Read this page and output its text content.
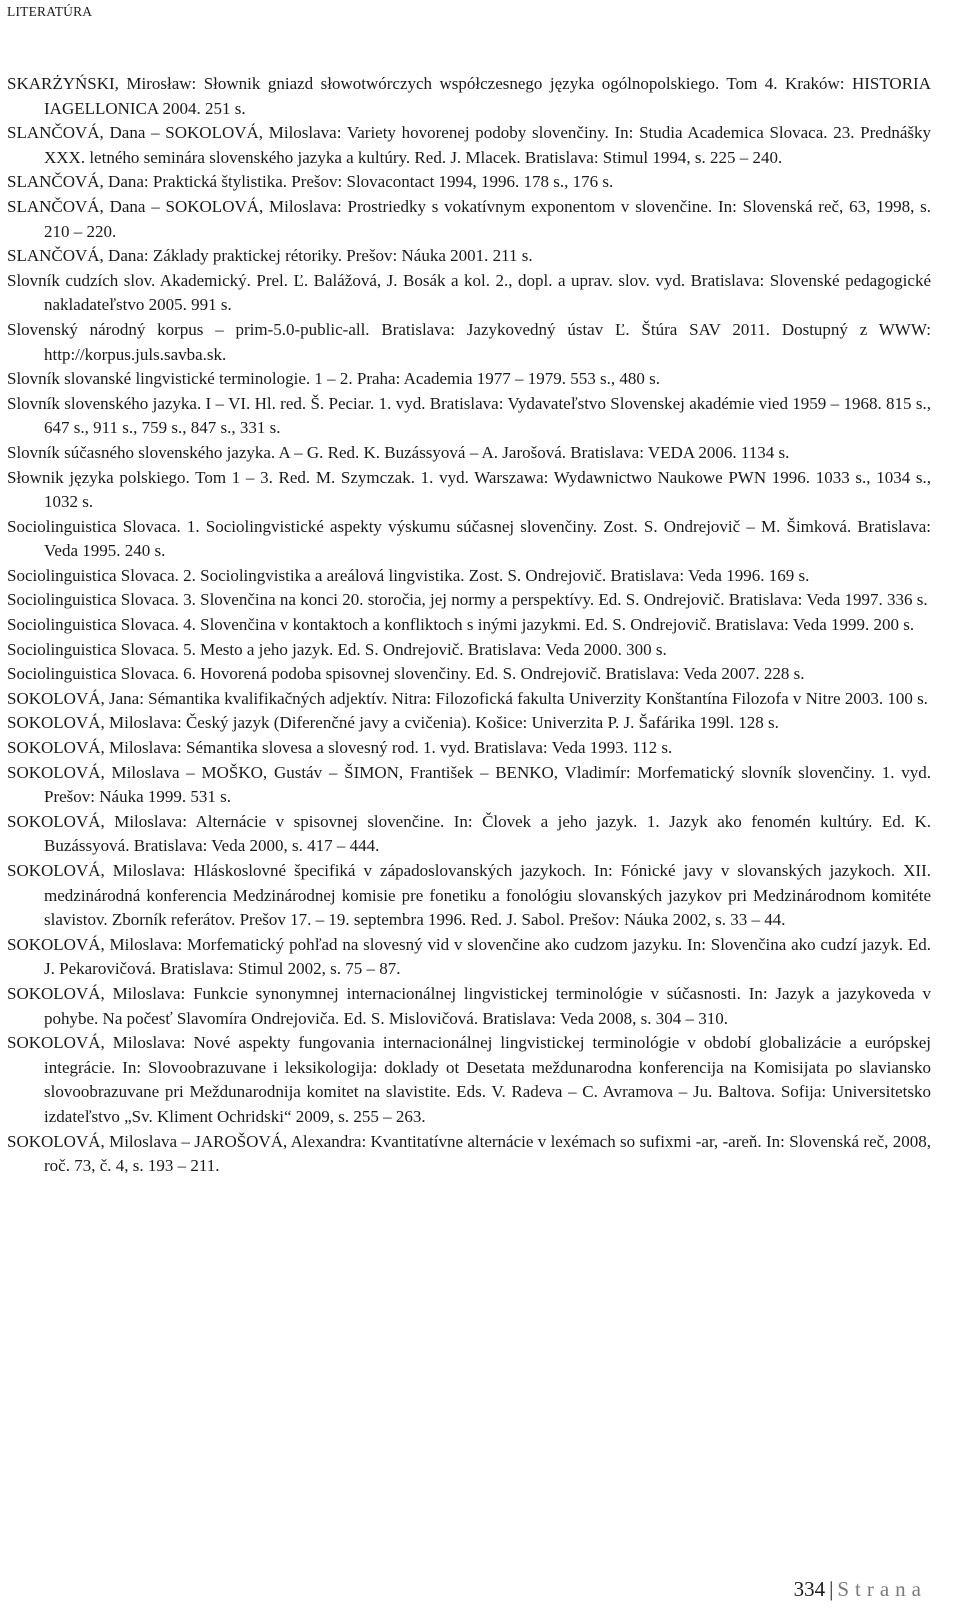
LITERATÚRA

SKARŻYŃSKI, Mirosław: Słownik gniazd słowotwórczych współczesnego języka ogólnopolskiego. Tom 4. Kraków: HISTORIA IAGELLONICA 2004. 251 s.

SLANČOVÁ, Dana – SOKOLOVÁ, Miloslava: Variety hovorenej podoby slovenčiny. In: Studia Academica Slovaca. 23. Prednášky XXX. letného seminára slovenského jazyka a kultúry. Red. J. Mlacek. Bratislava: Stimul 1994, s. 225 – 240.

SLANČOVÁ, Dana: Praktická štylistika. Prešov: Slovacontact 1994, 1996. 178 s., 176 s.

SLANČOVÁ, Dana – SOKOLOVÁ, Miloslava: Prostriedky s vokatívnym exponentom v slovenčine. In: Slovenská reč, 63, 1998, s. 210 – 220.

SLANČOVÁ, Dana: Základy praktickej rétoriky. Prešov: Náuka 2001. 211 s.

Slovník cudzích slov. Akademický. Prel. Ľ. Balážová, J. Bosák a kol. 2., dopl. a uprav. slov. vyd. Bratislava: Slovenské pedagogické nakladateľstvo 2005. 991 s.

Slovenský národný korpus – prim-5.0-public-all. Bratislava: Jazykovedný ústav Ľ. Štúra SAV 2011. Dostupný z WWW: http://korpus.juls.savba.sk.

Slovník slovanské lingvistické terminologie. 1 – 2. Praha: Academia 1977 – 1979. 553 s., 480 s.

Slovník slovenského jazyka. I – VI. Hl. red. Š. Peciar. 1. vyd. Bratislava: Vydavateľstvo Slovenskej akadémie vied 1959 – 1968. 815 s., 647 s., 911 s., 759 s., 847 s., 331 s.

Slovník súčasného slovenského jazyka. A – G. Red. K. Buzássyová – A. Jarošová. Bratislava: VEDA 2006. 1134 s.

Słownik języka polskiego. Tom 1 – 3. Red. M. Szymczak. 1. vyd. Warszawa: Wydawnictwo Naukowe PWN 1996. 1033 s., 1034 s., 1032 s.

Sociolinguistica Slovaca. 1. Sociolingvistické aspekty výskumu súčasnej slovenčiny. Zost. S. Ondrejovič – M. Šimková. Bratislava: Veda 1995. 240 s.

Sociolinguistica Slovaca. 2. Sociolingvistika a areálová lingvistika. Zost. S. Ondrejovič. Bratislava: Veda 1996. 169 s.

Sociolinguistica Slovaca. 3. Slovenčina na konci 20. storočia, jej normy a perspektívy. Ed. S. Ondrejovič. Bratislava: Veda 1997. 336 s.

Sociolinguistica Slovaca. 4. Slovenčina v kontaktoch a konfliktoch s inými jazykmi. Ed. S. Ondrejovič. Bratislava: Veda 1999. 200 s.

Sociolinguistica Slovaca. 5. Mesto a jeho jazyk. Ed. S. Ondrejovič. Bratislava: Veda 2000. 300 s.

Sociolinguistica Slovaca. 6. Hovorená podoba spisovnej slovenčiny. Ed. S. Ondrejovič. Bratislava: Veda 2007. 228 s.

SOKOLOVÁ, Jana: Sémantika kvalifikačných adjektív. Nitra: Filozofická fakulta Univerzity Konštantína Filozofa v Nitre 2003. 100 s.

SOKOLOVÁ, Miloslava: Český jazyk (Diferenčné javy a cvičenia). Košice: Univerzita P. J. Šafárika 199l. 128 s.

SOKOLOVÁ, Miloslava: Sémantika slovesa a slovesný rod. 1. vyd. Bratislava: Veda 1993. 112 s.

SOKOLOVÁ, Miloslava – MOŠKO, Gustáv – ŠIMON, František – BENKO, Vladimír: Morfematický slovník slovenčiny. 1. vyd. Prešov: Náuka 1999. 531 s.

SOKOLOVÁ, Miloslava: Alternácie v spisovnej slovenčine. In: Človek a jeho jazyk. 1. Jazyk ako fenomén kultúry. Ed. K. Buzássyová. Bratislava: Veda 2000, s. 417 – 444.

SOKOLOVÁ, Miloslava: Hláskoslovné špecifiká v západoslovanských jazykoch. In: Fónické javy v slovanských jazykoch. XII. medzinárodná konferencia Medzinárodnej komisie pre fonetiku a fonológiu slovanských jazykov pri Medzinárodnom komitéte slavistov. Zborník referátov. Prešov 17. – 19. septembra 1996. Red. J. Sabol. Prešov: Náuka 2002, s. 33 – 44.

SOKOLOVÁ, Miloslava: Morfematický pohľad na slovesný vid v slovenčine ako cudzom jazyku. In: Slovenčina ako cudzí jazyk. Ed. J. Pekarovičová. Bratislava: Stimul 2002, s. 75 – 87.

SOKOLOVÁ, Miloslava: Funkcie synonymnej internacionálnej lingvistickej terminológie v súčasnosti. In: Jazyk a jazykoveda v pohybe. Na počesť Slavomíra Ondrejoviča. Ed. S. Mislovičová. Bratislava: Veda 2008, s. 304 – 310.

SOKOLOVÁ, Miloslava: Nové aspekty fungovania internacionálnej lingvistickej terminológie v období globalizácie a európskej integrácie. In: Slovoobrazuvane i leksikologija: doklady ot Desetata meždunarodna konferencija na Komisijata po slaviansko slovoobrazuvane pri Meždunarodnija komitet na slavistite. Eds. V. Radeva – C. Avramova – Ju. Baltova. Sofija: Universitetsko izdateľstvo „Sv. Kliment Ochridski“ 2009, s. 255 – 263.

SOKOLOVÁ, Miloslava – JAROŠOVÁ, Alexandra: Kvantitatívne alternácie v lexémach so sufixmi -ar, -areň. In: Slovenská reč, 2008, roč. 73, č. 4, s. 193 – 211.

334 | Strana
